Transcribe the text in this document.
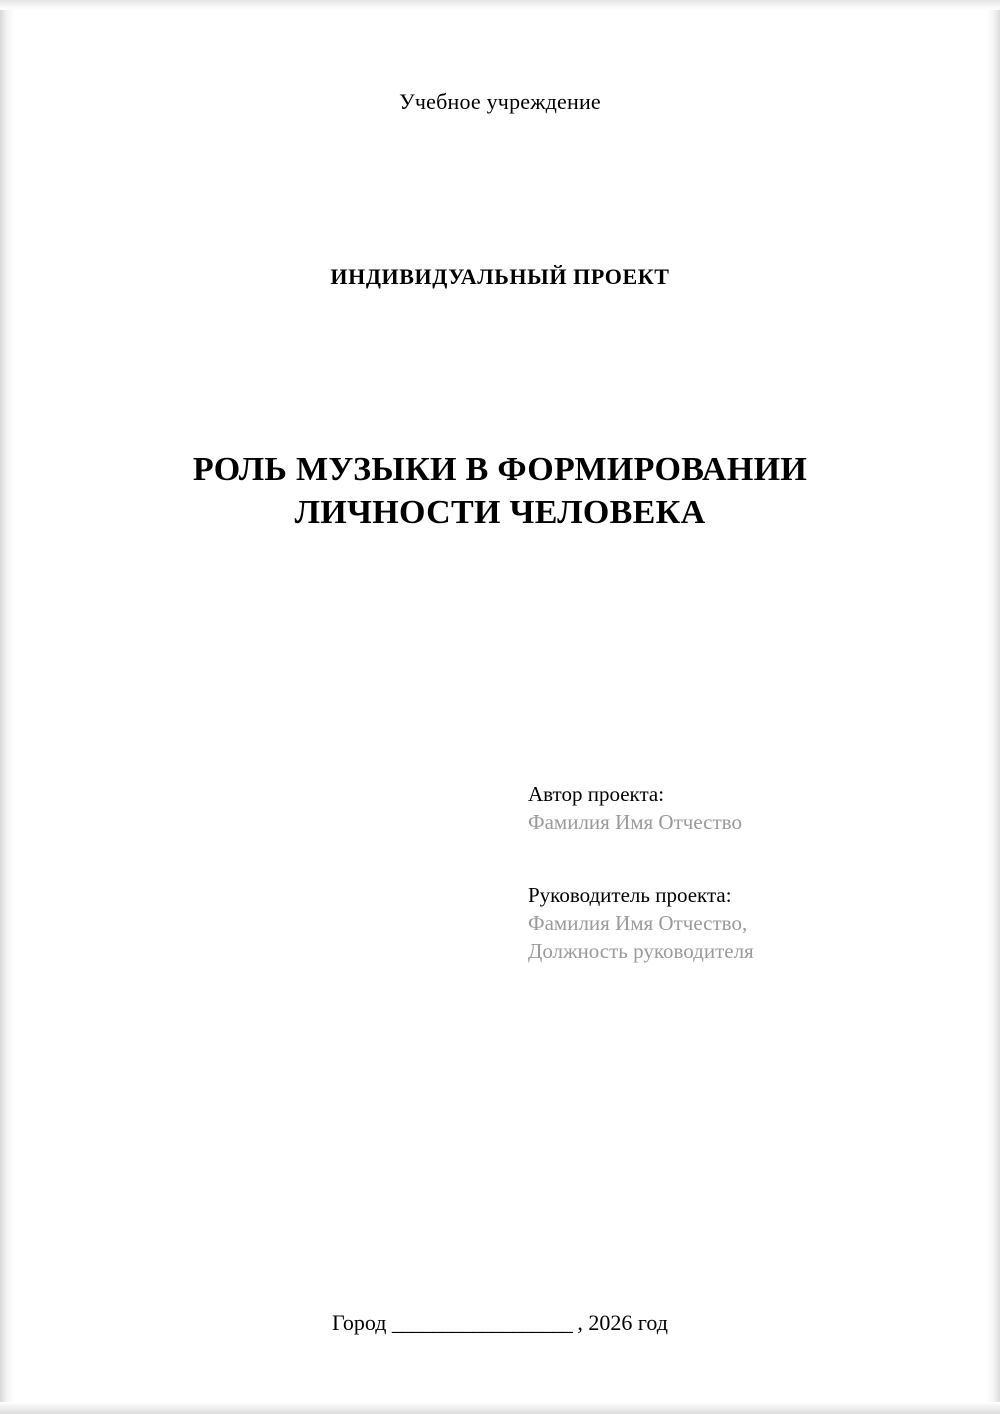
Учебное учреждение
ИНДИВИДУАЛЬНЫЙ ПРОЕКТ
РОЛЬ МУЗЫКИ В ФОРМИРОВАНИИ ЛИЧНОСТИ ЧЕЛОВЕКА

Автор проекта:

Фамилия Имя Отчество

Руководитель проекта:

Фамилия Имя Отчество,

Должность руководителя

Город __________________ , 2026 год
